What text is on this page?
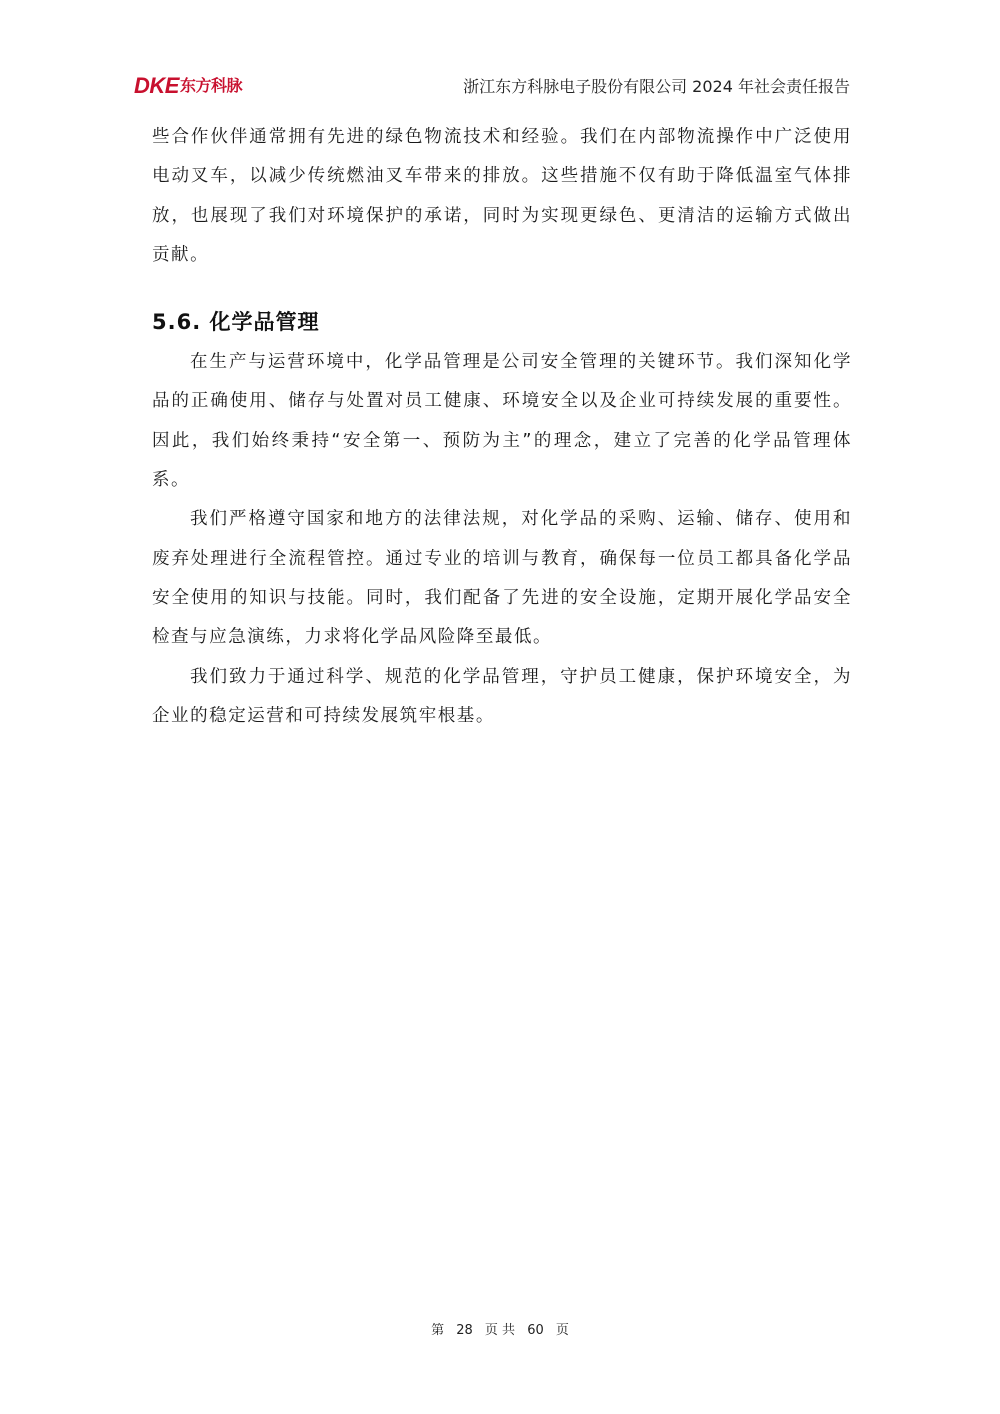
DKE 东方科脉	浙江东方科脉电子股份有限公司 2024 年社会责任报告

些合作伙伴通常拥有先进的绿色物流技术和经验。我们在内部物流操作中广泛使用电动叉车，以减少传统燃油叉车带来的排放。这些措施不仅有助于降低温室气体排放，也展现了我们对环境保护的承诺，同时为实现更绿色、更清洁的运输方式做出贡献。

5.6. 化学品管理

在生产与运营环境中，化学品管理是公司安全管理的关键环节。我们深知化学品的正确使用、储存与处置对员工健康、环境安全以及企业可持续发展的重要性。因此，我们始终秉持“安全第一、预防为主”的理念，建立了完善的化学品管理体系。

我们严格遵守国家和地方的法律法规，对化学品的采购、运输、储存、使用和废弃处理进行全流程管控。通过专业的培训与教育，确保每一位员工都具备化学品安全使用的知识与技能。同时，我们配备了先进的安全设施，定期开展化学品安全检查与应急演练，力求将化学品风险降至最低。

我们致力于通过科学、规范的化学品管理，守护员工健康，保护环境安全，为企业的稳定运营和可持续发展筑牢根基。

第 28 页 共 60 页
